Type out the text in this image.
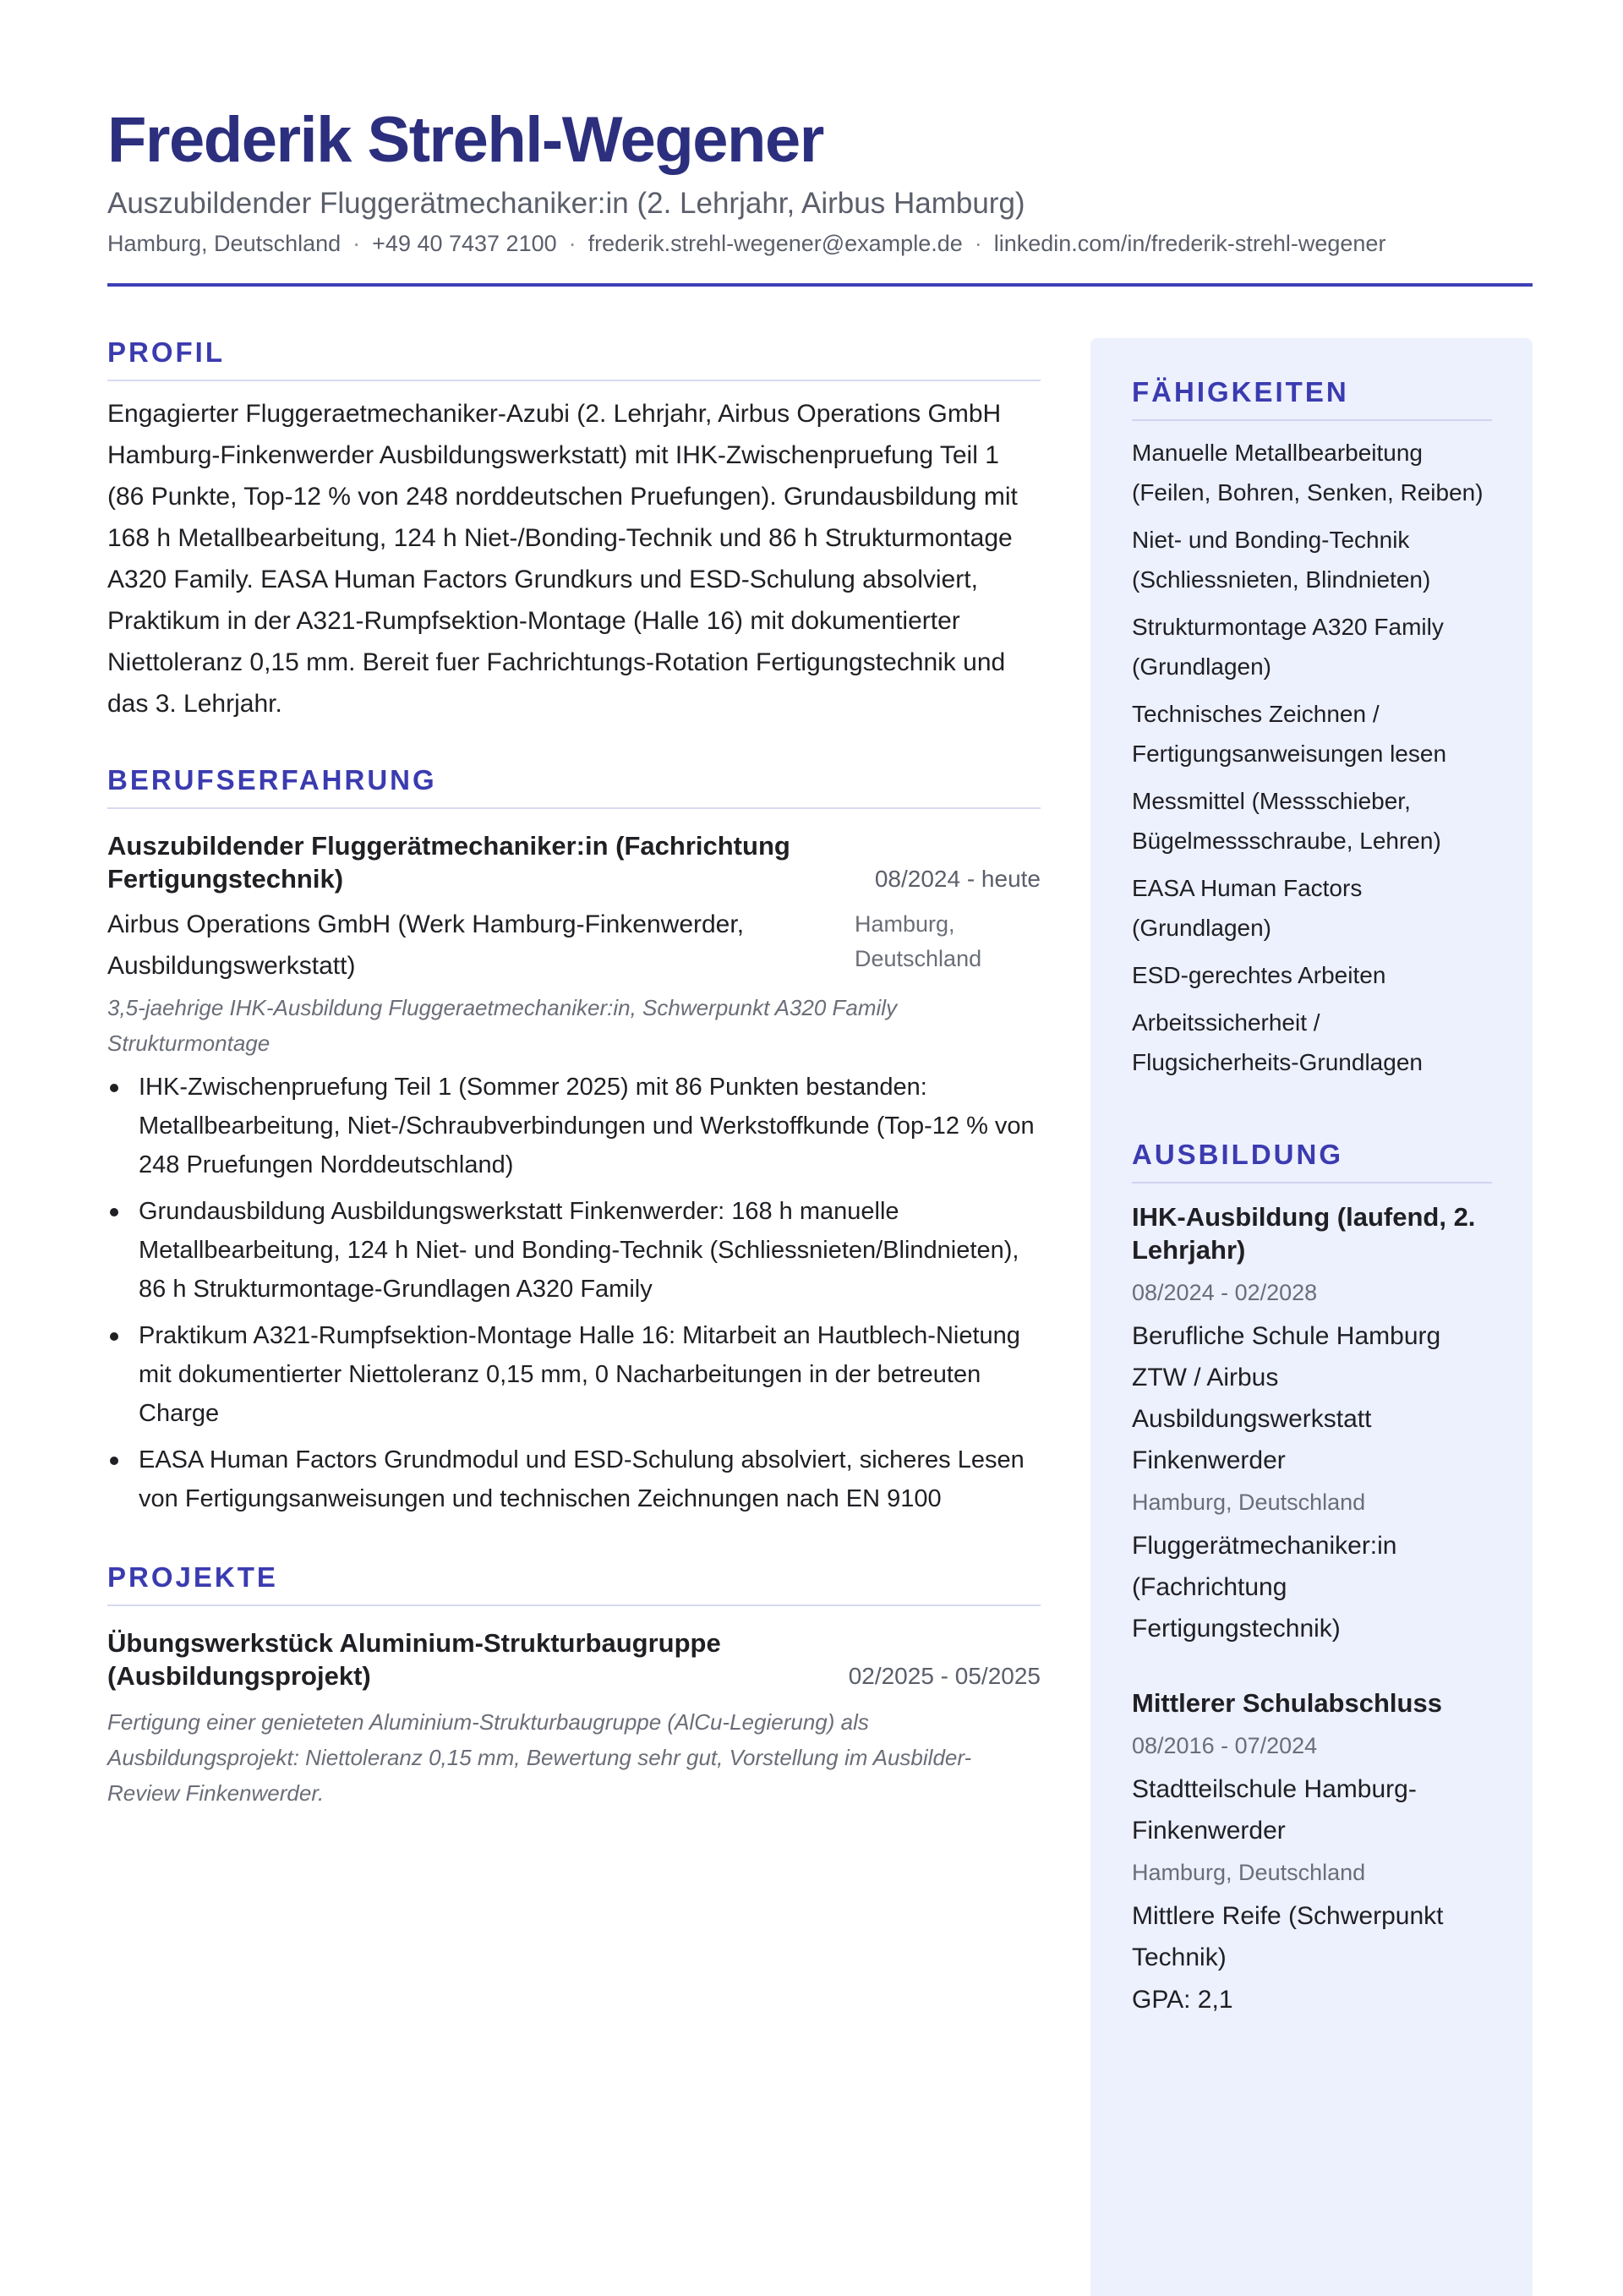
Frederik Strehl-Wegener
Auszubildender Fluggerätmechaniker:in (2. Lehrjahr, Airbus Hamburg)
Hamburg, Deutschland · +49 40 7437 2100 · frederik.strehl-wegener@example.de · linkedin.com/in/frederik-strehl-wegener
PROFIL
Engagierter Fluggeraetmechaniker-Azubi (2. Lehrjahr, Airbus Operations GmbH Hamburg-Finkenwerder Ausbildungswerkstatt) mit IHK-Zwischenpruefung Teil 1 (86 Punkte, Top-12 % von 248 norddeutschen Pruefungen). Grundausbildung mit 168 h Metallbearbeitung, 124 h Niet-/Bonding-Technik und 86 h Strukturmontage A320 Family. EASA Human Factors Grundkurs und ESD-Schulung absolviert, Praktikum in der A321-Rumpfsektion-Montage (Halle 16) mit dokumentierter Niettoleranz 0,15 mm. Bereit fuer Fachrichtungs-Rotation Fertigungstechnik und das 3. Lehrjahr.
BERUFSERFAHRUNG
Auszubildender Fluggerätmechaniker:in (Fachrichtung Fertigungstechnik)	08/2024 - heute
Airbus Operations GmbH (Werk Hamburg-Finkenwerder, Ausbildungswerkstatt)
Hamburg, Deutschland
3,5-jaehrige IHK-Ausbildung Fluggeraetmechaniker:in, Schwerpunkt A320 Family Strukturmontage
IHK-Zwischenpruefung Teil 1 (Sommer 2025) mit 86 Punkten bestanden: Metallbearbeitung, Niet-/Schraubverbindungen und Werkstoffkunde (Top-12 % von 248 Pruefungen Norddeutschland)
Grundausbildung Ausbildungswerkstatt Finkenwerder: 168 h manuelle Metallbearbeitung, 124 h Niet- und Bonding-Technik (Schliessnieten/Blindnieten), 86 h Strukturmontage-Grundlagen A320 Family
Praktikum A321-Rumpfsektion-Montage Halle 16: Mitarbeit an Hautblech-Nietung mit dokumentierter Niettoleranz 0,15 mm, 0 Nacharbeitungen in der betreuten Charge
EASA Human Factors Grundmodul und ESD-Schulung absolviert, sicheres Lesen von Fertigungsanweisungen und technischen Zeichnungen nach EN 9100
PROJEKTE
Übungswerkstück Aluminium-Strukturbaugruppe (Ausbildungsprojekt)	02/2025 - 05/2025
Fertigung einer genieteten Aluminium-Strukturbaugruppe (AlCu-Legierung) als Ausbildungsprojekt: Niettoleranz 0,15 mm, Bewertung sehr gut, Vorstellung im Ausbilder-Review Finkenwerder.
FÄHIGKEITEN
Manuelle Metallbearbeitung (Feilen, Bohren, Senken, Reiben)
Niet- und Bonding-Technik (Schliessnieten, Blindnieten)
Strukturmontage A320 Family (Grundlagen)
Technisches Zeichnen / Fertigungsanweisungen lesen
Messmittel (Messschieber, Bügelmessschraube, Lehren)
EASA Human Factors (Grundlagen)
ESD-gerechtes Arbeiten
Arbeitssicherheit / Flugsicherheits-Grundlagen
AUSBILDUNG
IHK-Ausbildung (laufend, 2. Lehrjahr)
08/2024 - 02/2028
Berufliche Schule Hamburg ZTW / Airbus Ausbildungswerkstatt Finkenwerder
Hamburg, Deutschland
Fluggerätmechaniker:in (Fachrichtung Fertigungstechnik)
Mittlerer Schulabschluss
08/2016 - 07/2024
Stadtteilschule Hamburg-Finkenwerder
Hamburg, Deutschland
Mittlere Reife (Schwerpunkt Technik)
GPA: 2,1
